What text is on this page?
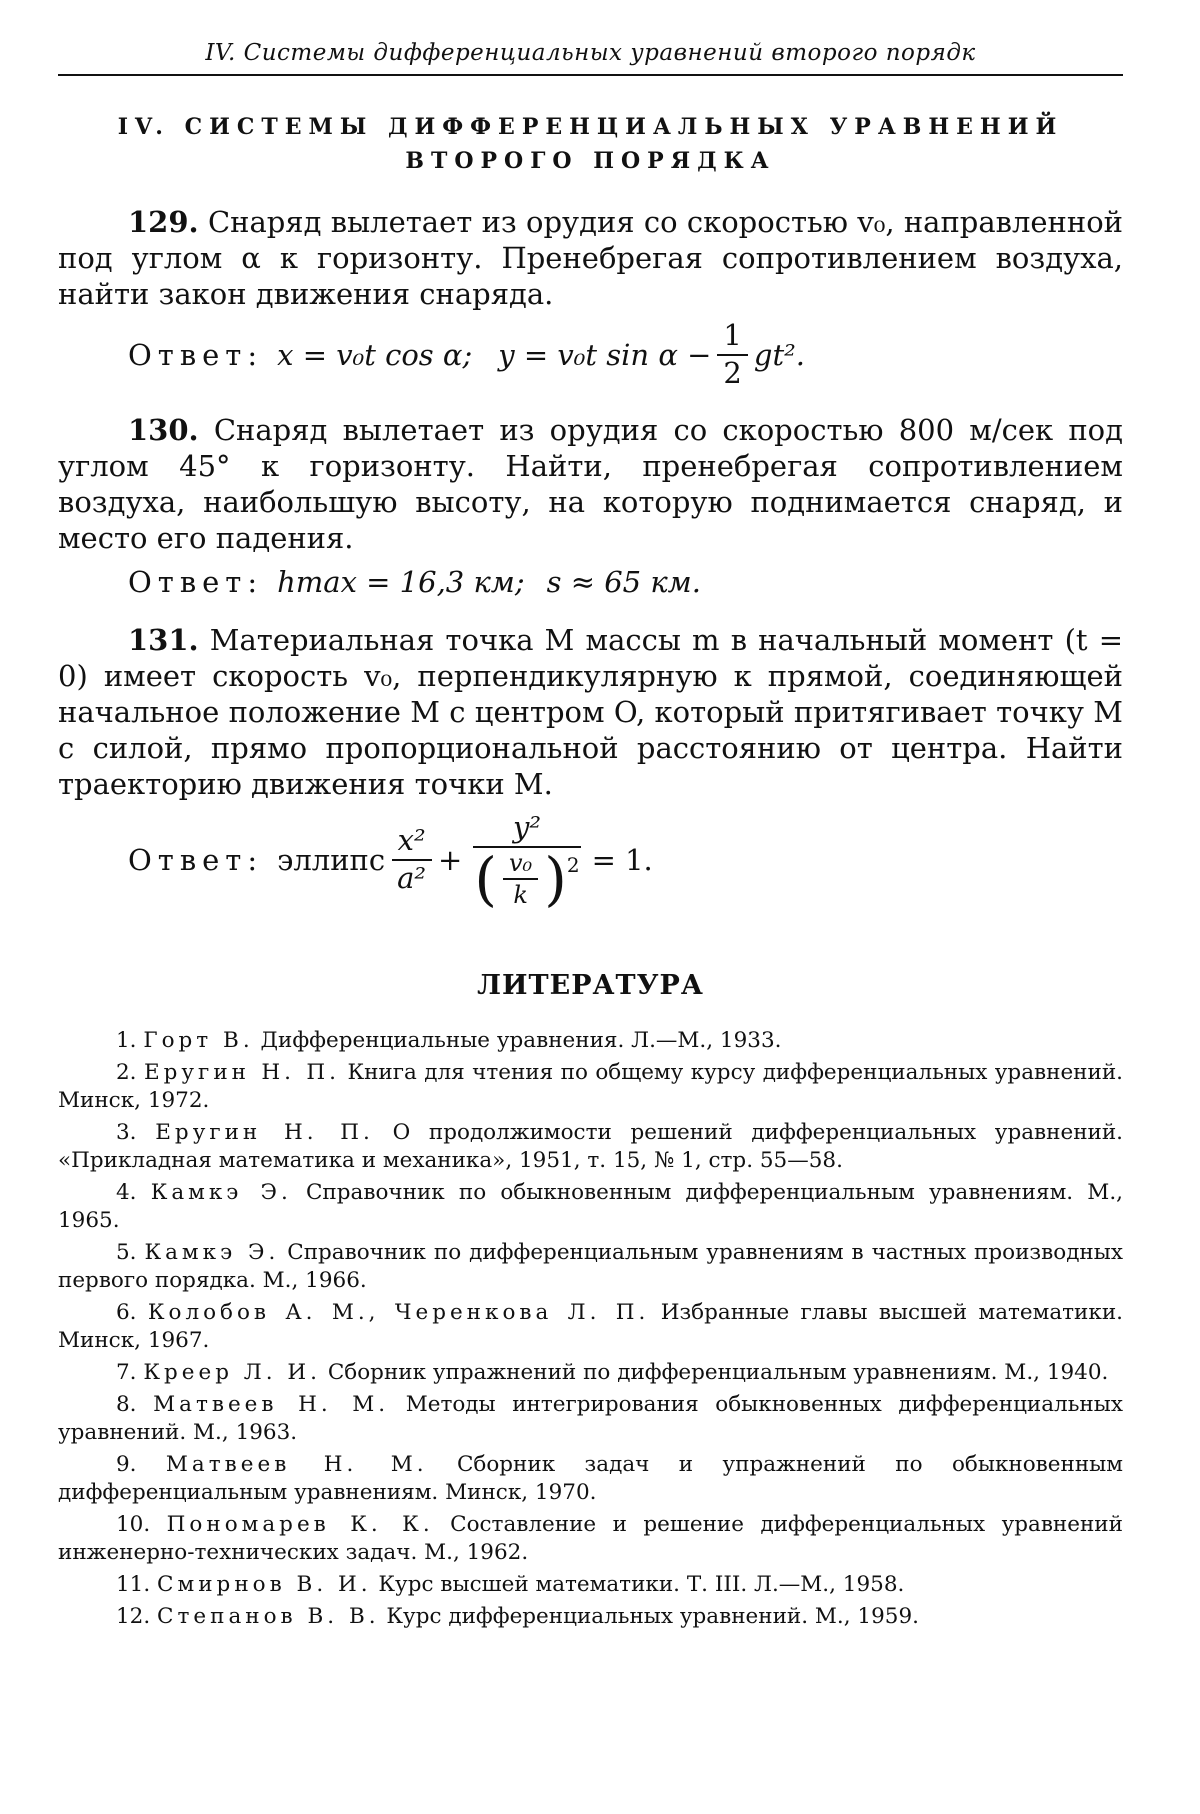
IV. Системы дифференциальных уравнений второго порядк
IV. СИСТЕМЫ ДИФФЕРЕНЦИАЛЬНЫХ УРАВНЕНИЙ
ВТОРОГО ПОРЯДКА

129. Снаряд вылетает из орудия со скоростью v₀, направленной под углом α к горизонту. Пренебрегая сопротивлением воздуха, найти закон движения снаряда.

Ответ: x = v₀t cos α; y = v₀t $\sin \alpha - \frac{1}{2} gt^2$.

130. Снаряд вылетает из орудия со скоростью 800 м/сек под углом 45° к горизонту. Найти, пренебрегая сопротивлением воздуха, наибольшую высоту, на которую поднимается снаряд, и место его падения.

Ответ: hmax = 16,3 км; s ≈ 65 км.

131. Материальная точка M массы m в начальный момент (t = 0) имеет скорость v₀, перпендикулярную к прямой, соединяющей начальное положение M с центром O, который притягивает точку M с силой, прямо пропорциональной расстоянию от центра. Найти траекторию движения точки M.

Ответ: эллипс $\frac{\text{x²}}{\text{a²}}$ +
y²
( $\frac{\text{v₀}}{k} )^2 = 1$.
ЛИТЕРАТУРА

1. Горт В. Дифференциальные уравнения. Л.—М., 1933.

2. Еругин Н. П. Книга для чтения по общему курсу дифференциальных уравнений. Минск, 1972.

3. Еругин Н. П. О продолжимости решений дифференциальных уравнений. «Прикладная математика и механика», 1951, т. 15, № 1, стр. 55—58.

4. Камкэ Э. Справочник по обыкновенным дифференциальным уравнениям. М., 1965.

5. Камкэ Э. Справочник по дифференциальным уравнениям в частных производных первого порядка. М., 1966.

6. Колобов А. М., Черенкова Л. П. Избранные главы высшей математики. Минск, 1967.

7. Креер Л. И. Сборник упражнений по дифференциальным уравнениям. М., 1940.

8. Матвеев Н. М. Методы интегрирования обыкновенных дифференциальных уравнений. М., 1963.

9. Матвеев Н. М. Сборник задач и упражнений по обыкновенным дифференциальным уравнениям. Минск, 1970.

10. Пономарев К. К. Составление и решение дифференциальных уравнений инженерно-технических задач. М., 1962.

11. Смирнов В. И. Курс высшей математики. Т. III. Л.—М., 1958.

12. Степанов В. В. Курс дифференциальных уравнений. М., 1959.
